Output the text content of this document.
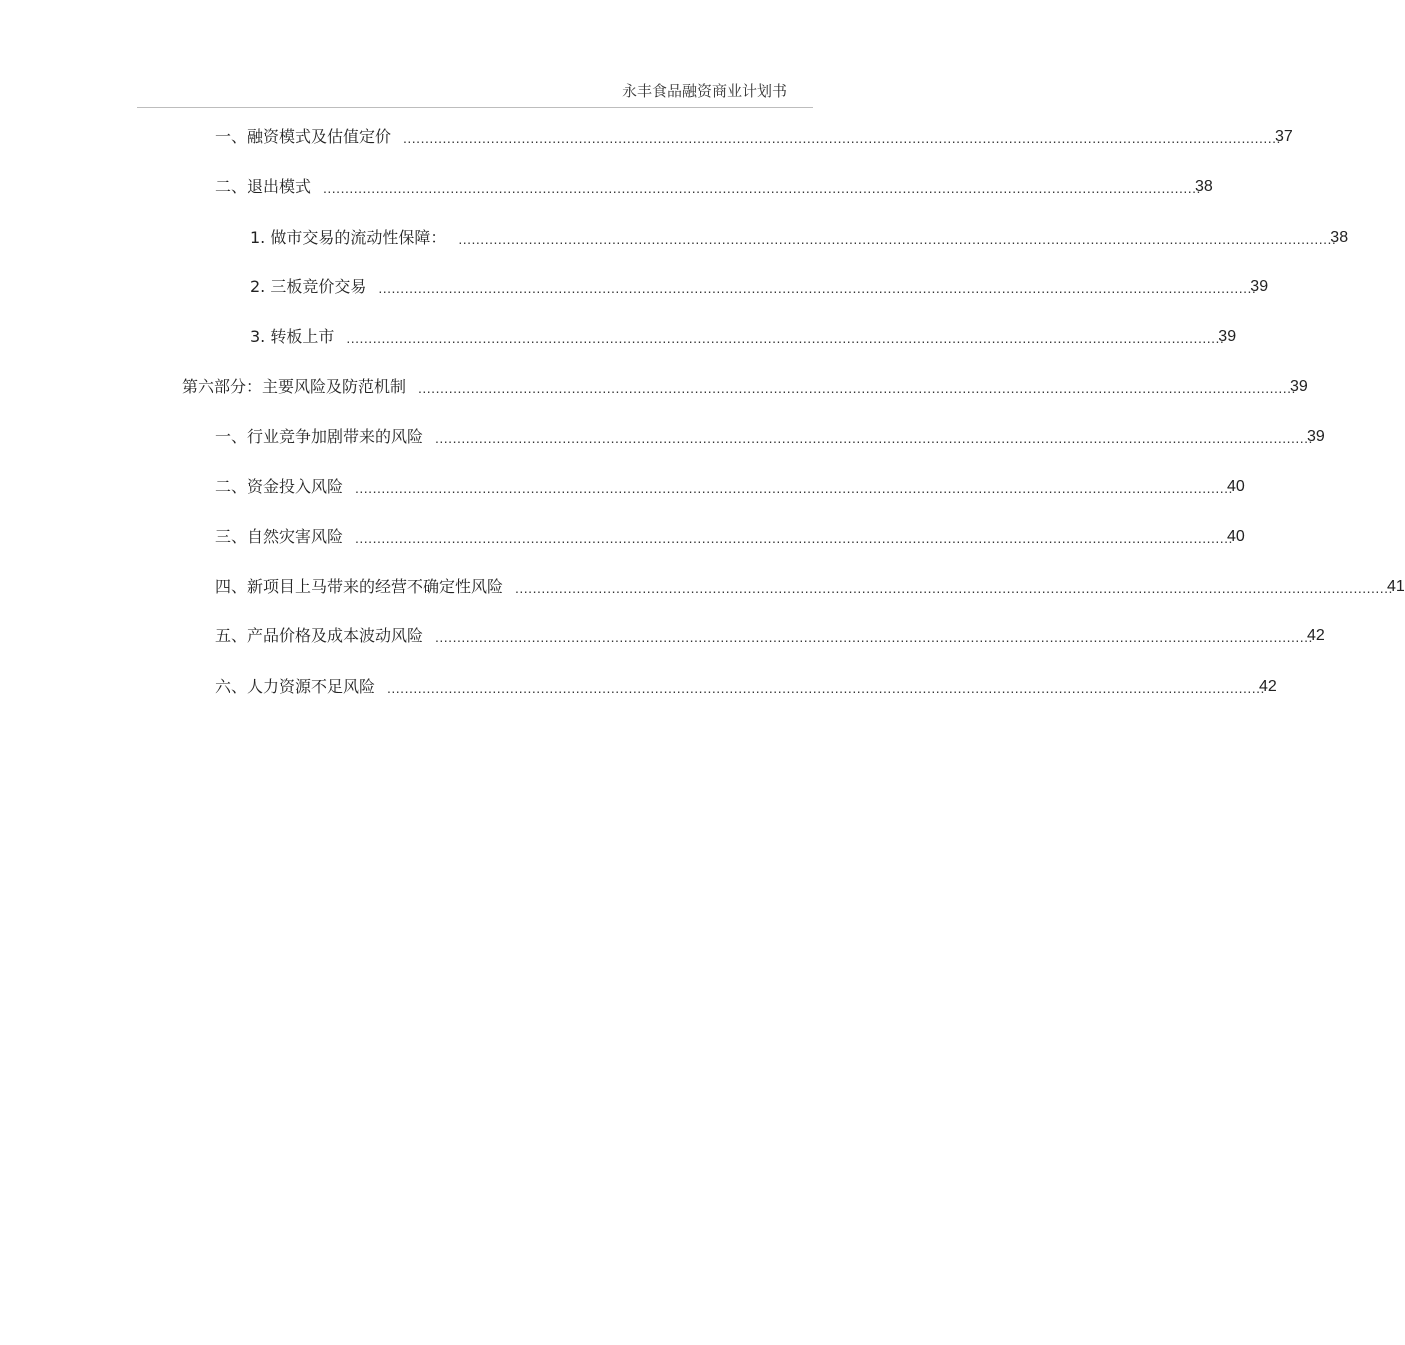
永丰食品融资商业计划书
一、融资模式及估值定价 ........................................................................................................................................................................................................
37
二、退出模式 ........................................................................................................................................................................................................
38
1. 做市交易的流动性保障： ........................................................................................................................................................................................................
38
2. 三板竞价交易 ........................................................................................................................................................................................................
39
3. 转板上市 ........................................................................................................................................................................................................
39
第六部分：主要风险及防范机制 ........................................................................................................................................................................................................
39
一、行业竞争加剧带来的风险 ........................................................................................................................................................................................................
39
二、资金投入风险 ........................................................................................................................................................................................................
40
三、自然灾害风险 ........................................................................................................................................................................................................
40
四、新项目上马带来的经营不确定性风险 ........................................................................................................................................................................................................
41
五、产品价格及成本波动风险 ........................................................................................................................................................................................................
42
六、人力资源不足风险 ........................................................................................................................................................................................................
42
